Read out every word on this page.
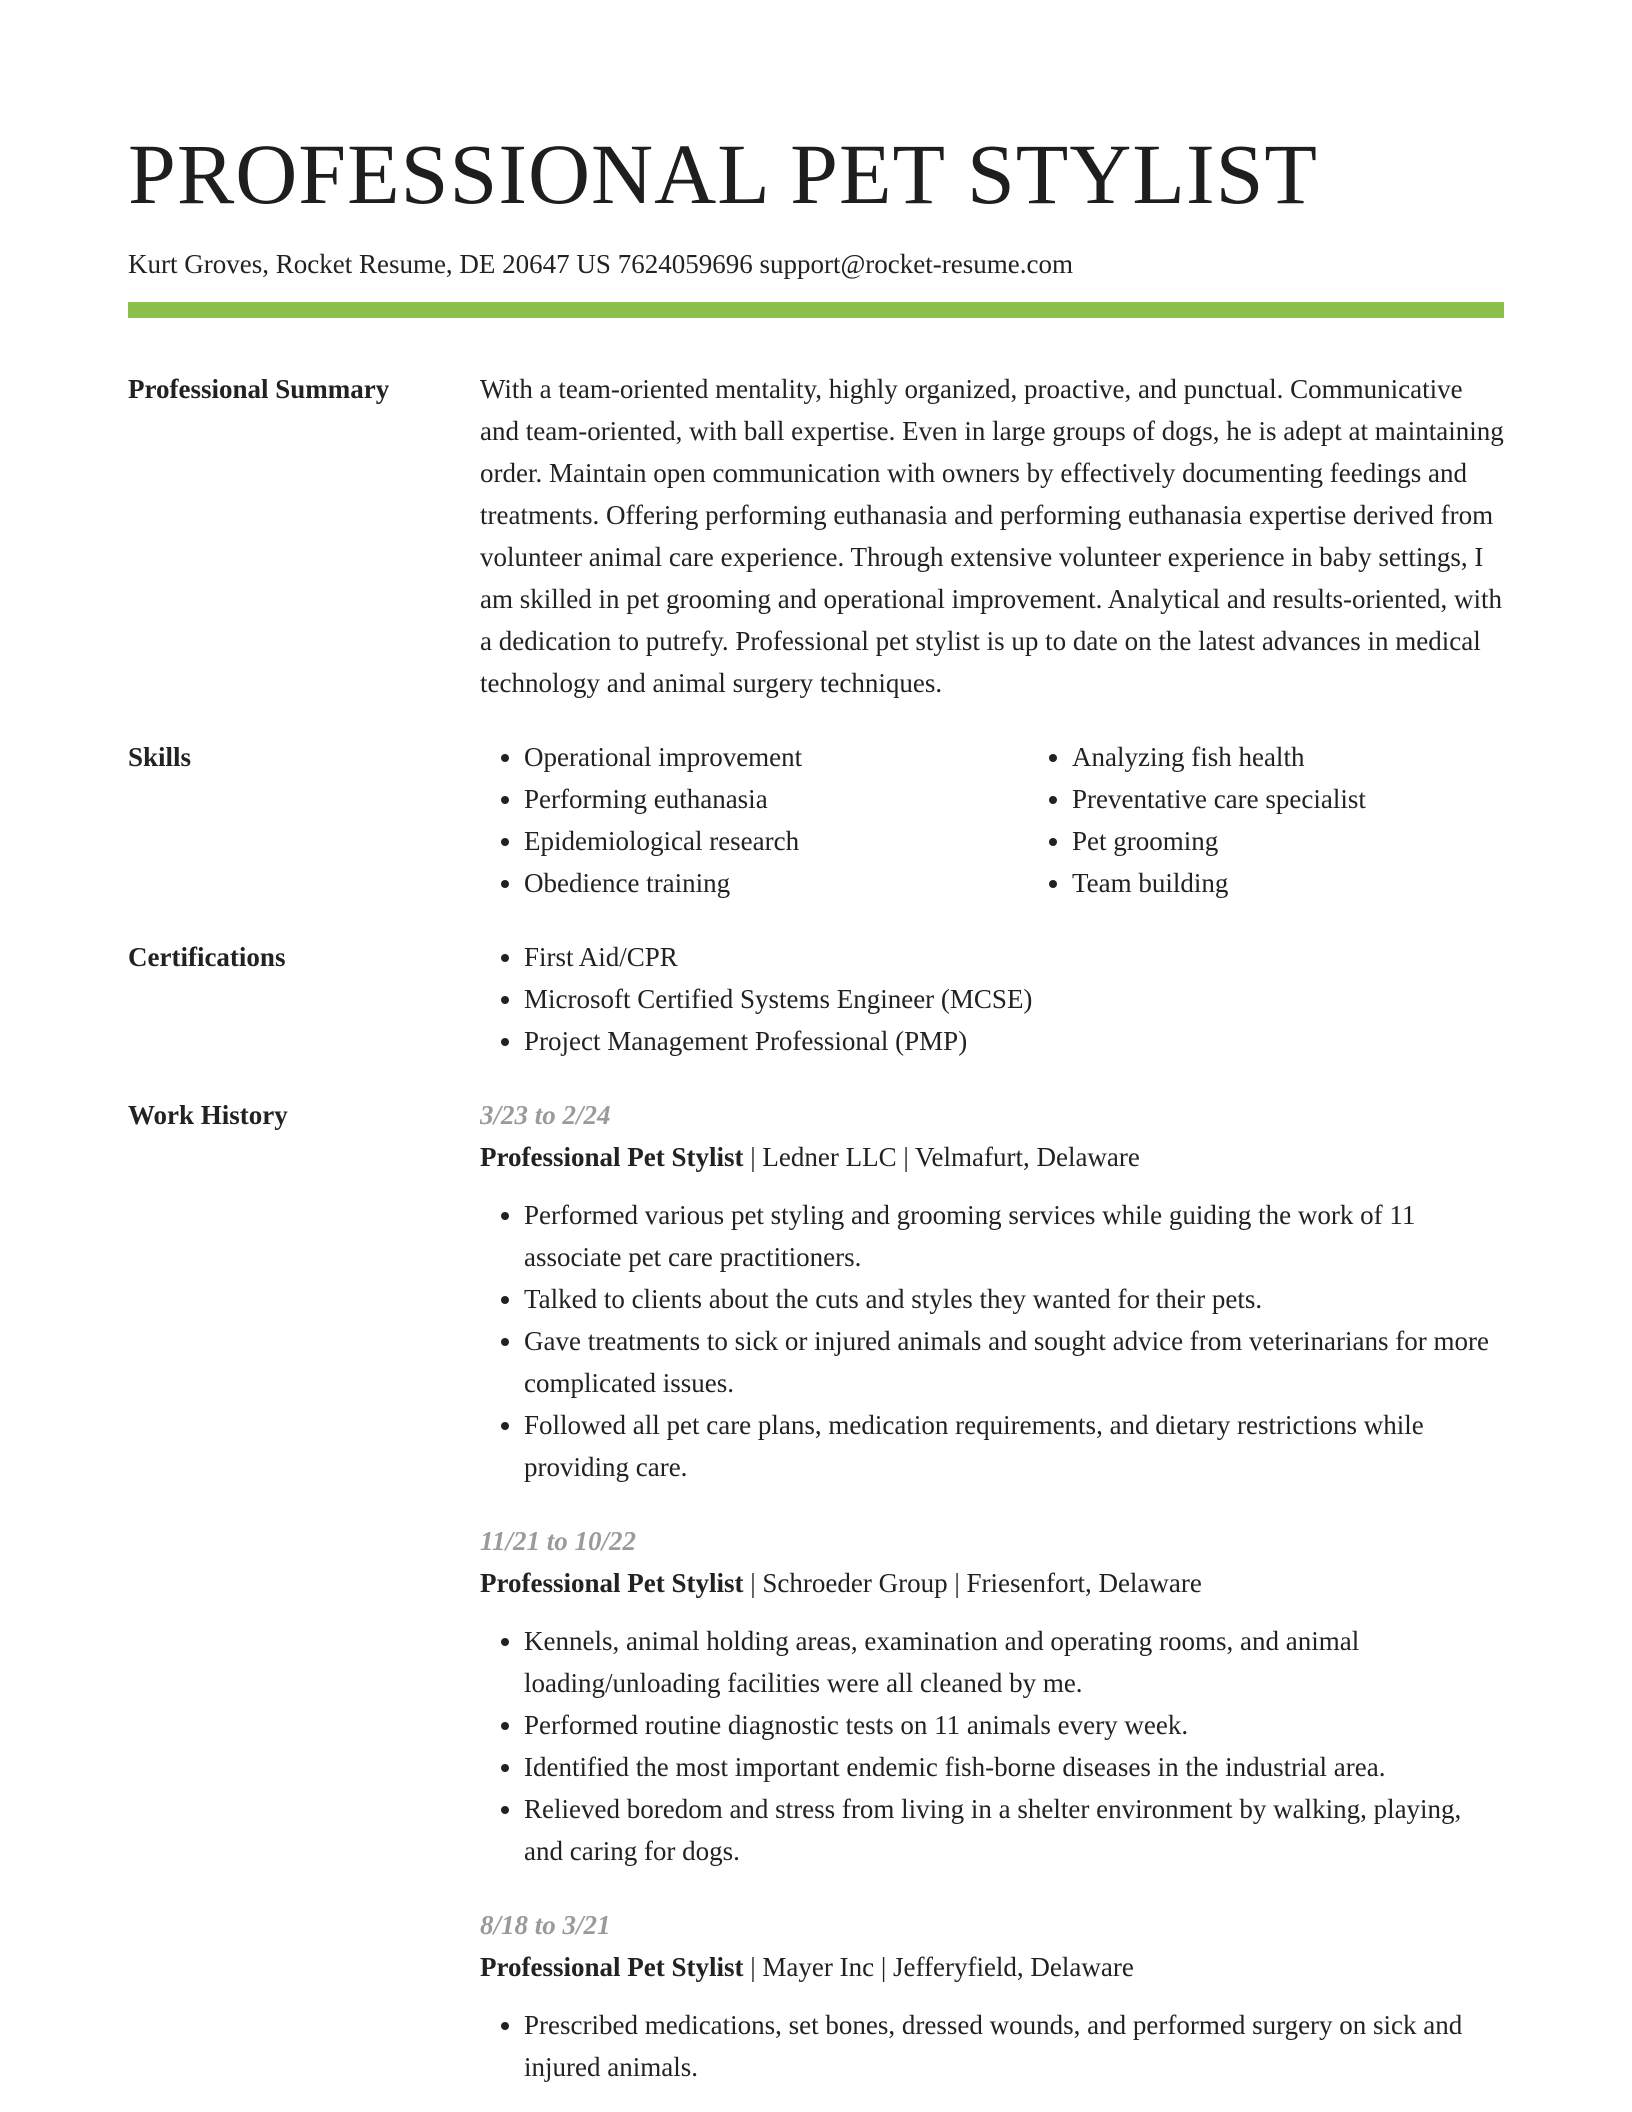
PROFESSIONAL PET STYLIST
Kurt Groves, Rocket Resume, DE 20647 US 7624059696 support@rocket-resume.com
Professional Summary	With a team-oriented mentality, highly organized, proactive, and punctual. Communicative and team-oriented, with ball expertise. Even in large groups of dogs, he is adept at maintaining order. Maintain open communication with owners by effectively documenting feedings and treatments. Offering performing euthanasia and performing euthanasia expertise derived from volunteer animal care experience. Through extensive volunteer experience in baby settings, I am skilled in pet grooming and operational improvement. Analytical and results-oriented, with a dedication to putrefy. Professional pet stylist is up to date on the latest advances in medical technology and animal surgery techniques.
Skills	• Operational improvement
• Performing euthanasia
• Epidemiological research
• Obedience training
• Analyzing fish health
• Preventative care specialist
• Pet grooming
• Team building
Certifications	• First Aid/CPR
• Microsoft Certified Systems Engineer (MCSE)
• Project Management Professional (PMP)
Work History	3/23 to 2/24
Professional Pet Stylist | Ledner LLC | Velmafurt, Delaware
• Performed various pet styling and grooming services while guiding the work of 11 associate pet care practitioners.
• Talked to clients about the cuts and styles they wanted for their pets.
• Gave treatments to sick or injured animals and sought advice from veterinarians for more complicated issues.
• Followed all pet care plans, medication requirements, and dietary restrictions while providing care.
11/21 to 10/22
Professional Pet Stylist | Schroeder Group | Friesenfort, Delaware
• Kennels, animal holding areas, examination and operating rooms, and animal loading/unloading facilities were all cleaned by me.
• Performed routine diagnostic tests on 11 animals every week.
• Identified the most important endemic fish-borne diseases in the industrial area.
• Relieved boredom and stress from living in a shelter environment by walking, playing, and caring for dogs.
8/18 to 3/21
Professional Pet Stylist | Mayer Inc | Jefferyfield, Delaware
• Prescribed medications, set bones, dressed wounds, and performed surgery on sick and injured animals.
